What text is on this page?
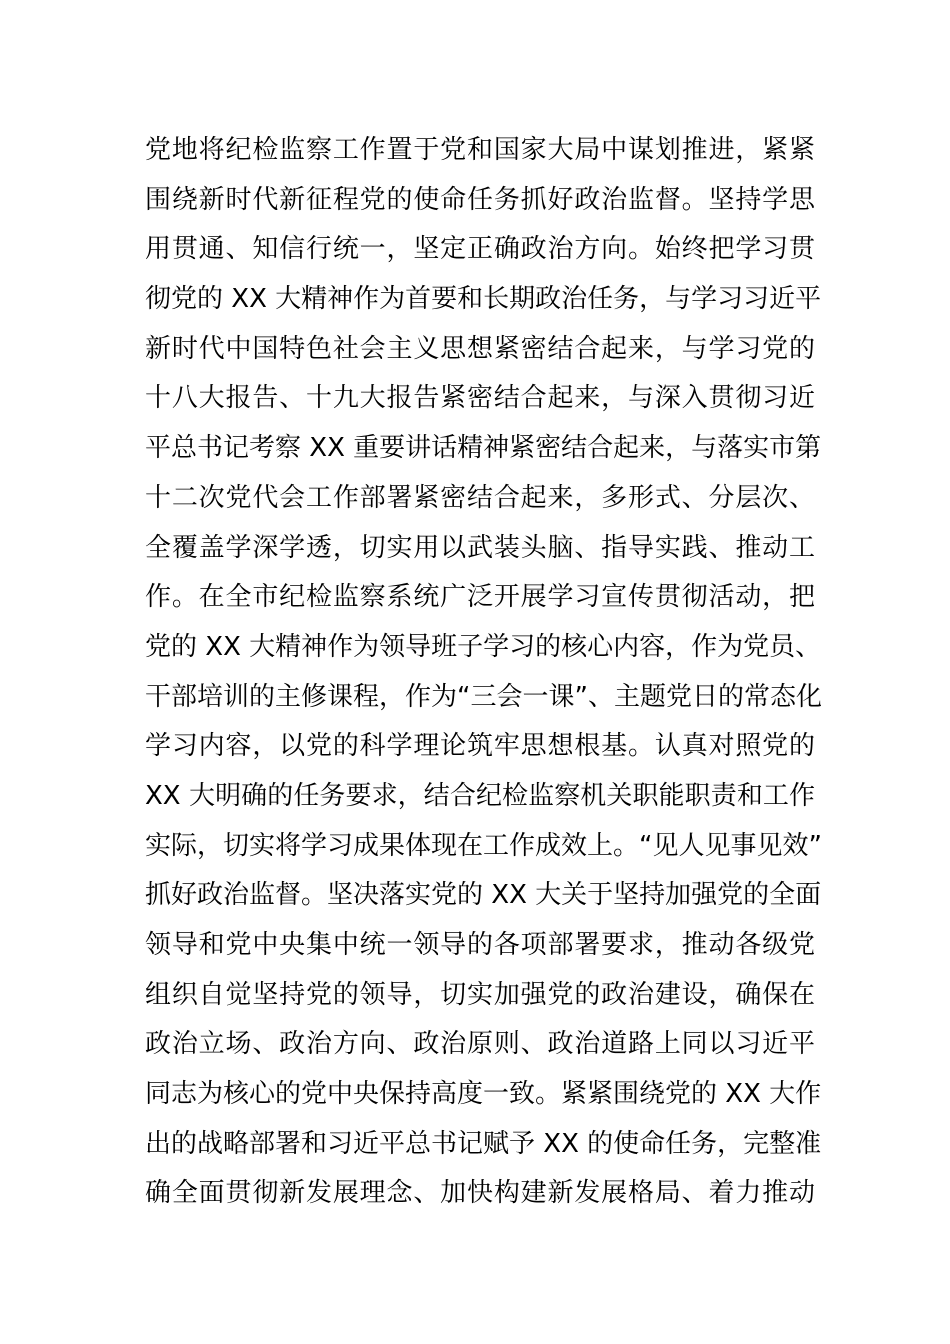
党地将纪检监察工作置于党和国家大局中谋划推进，紧紧
围绕新时代新征程党的使命任务抓好政治监督。坚持学思
用贯通、知信行统一，坚定正确政治方向。始终把学习贯
彻党的 XX 大精神作为首要和长期政治任务，与学习习近平
新时代中国特色社会主义思想紧密结合起来，与学习党的
十八大报告、十九大报告紧密结合起来，与深入贯彻习近
平总书记考察 XX 重要讲话精神紧密结合起来，与落实市第
十二次党代会工作部署紧密结合起来，多形式、分层次、
全覆盖学深学透，切实用以武装头脑、指导实践、推动工
作。在全市纪检监察系统广泛开展学习宣传贯彻活动，把
党的 XX 大精神作为领导班子学习的核心内容，作为党员、
干部培训的主修课程，作为“三会一课”、主题党日的常态化
学习内容，以党的科学理论筑牢思想根基。认真对照党的
XX 大明确的任务要求，结合纪检监察机关职能职责和工作
实际，切实将学习成果体现在工作成效上。“见人见事见效”
抓好政治监督。坚决落实党的 XX 大关于坚持加强党的全面
领导和党中央集中统一领导的各项部署要求，推动各级党
组织自觉坚持党的领导，切实加强党的政治建设，确保在
政治立场、政治方向、政治原则、政治道路上同以习近平
同志为核心的党中央保持高度一致。紧紧围绕党的 XX 大作
出的战略部署和习近平总书记赋予 XX 的使命任务，完整准
确全面贯彻新发展理念、加快构建新发展格局、着力推动
